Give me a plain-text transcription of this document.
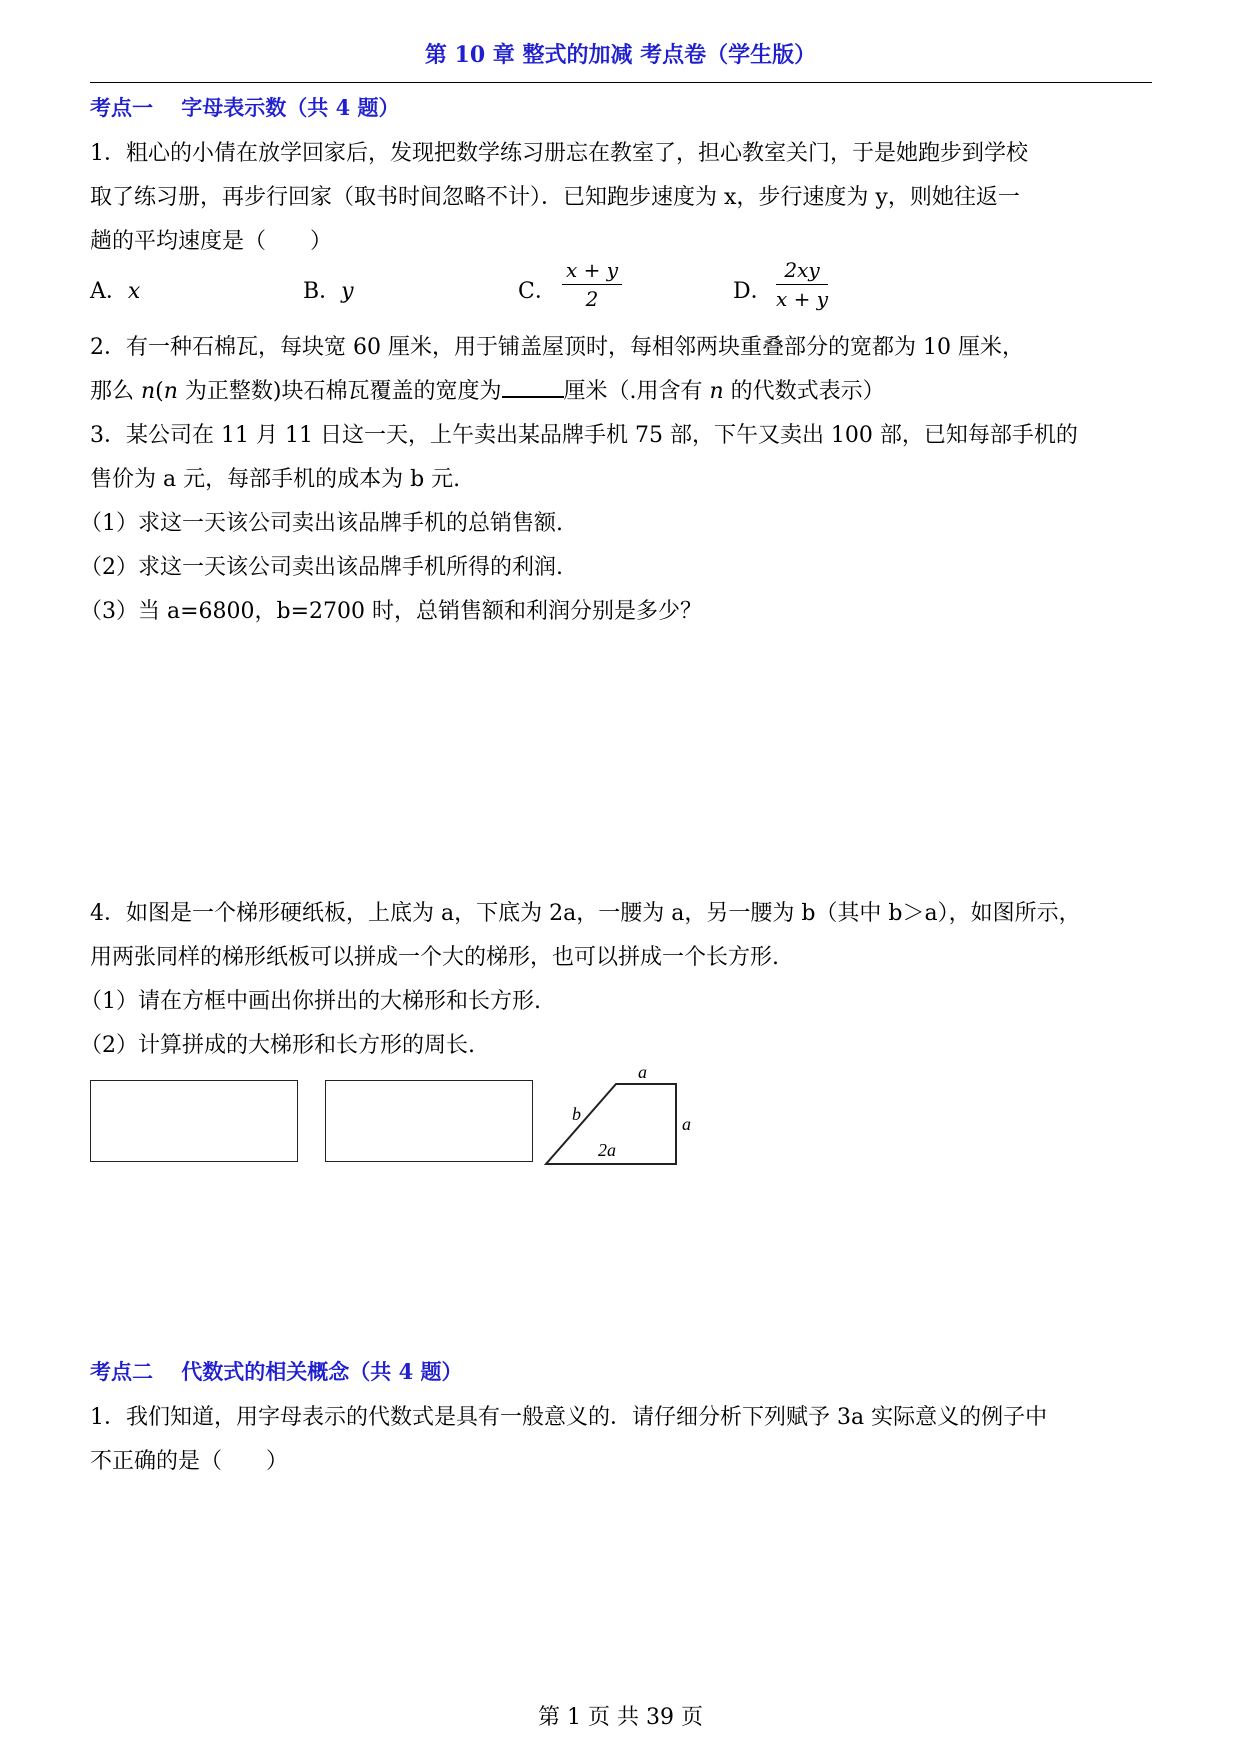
第 10 章 整式的加减 考点卷（学生版）
考点一　 字母表示数（共 4 题）
1．粗心的小倩在放学回家后，发现把数学练习册忘在教室了，担心教室关门，于是她跑步到学校
取了练习册，再步行回家（取书时间忽略不计）．已知跑步速度为 x，步行速度为 y，则她往返一
趟的平均速度是（　　）
A．x	B．y	C． $\frac{x + y}{2}$	D． $\frac{2xy}{x + y}$
2．有一种石棉瓦，每块宽 60 厘米，用于铺盖屋顶时，每相邻两块重叠部分的宽都为 10 厘米，
那么 n(n 为正整数)块石棉瓦覆盖的宽度为	厘米（.用含有 n 的代数式表示）
3．某公司在 11 月 11 日这一天，上午卖出某品牌手机 75 部，下午又卖出 100 部，已知每部手机的
售价为 a 元，每部手机的成本为 b 元.
（1）求这一天该公司卖出该品牌手机的总销售额.
（2）求这一天该公司卖出该品牌手机所得的利润.
（3）当 a=6800，b=2700 时，总销售额和利润分别是多少？
4．如图是一个梯形硬纸板，上底为 a，下底为 2a，一腰为 a，另一腰为 b（其中 b＞a），如图所示，
用两张同样的梯形纸板可以拼成一个大的梯形，也可以拼成一个长方形.
（1）请在方框中画出你拼出的大梯形和长方形.
（2）计算拼成的大梯形和长方形的周长.
a
a
b
2a
考点二　 代数式的相关概念（共 4 题）
1．我们知道，用字母表示的代数式是具有一般意义的．请仔细分析下列赋予 3a 实际意义的例子中
不正确的是（　　）
第 1 页 共 39 页
